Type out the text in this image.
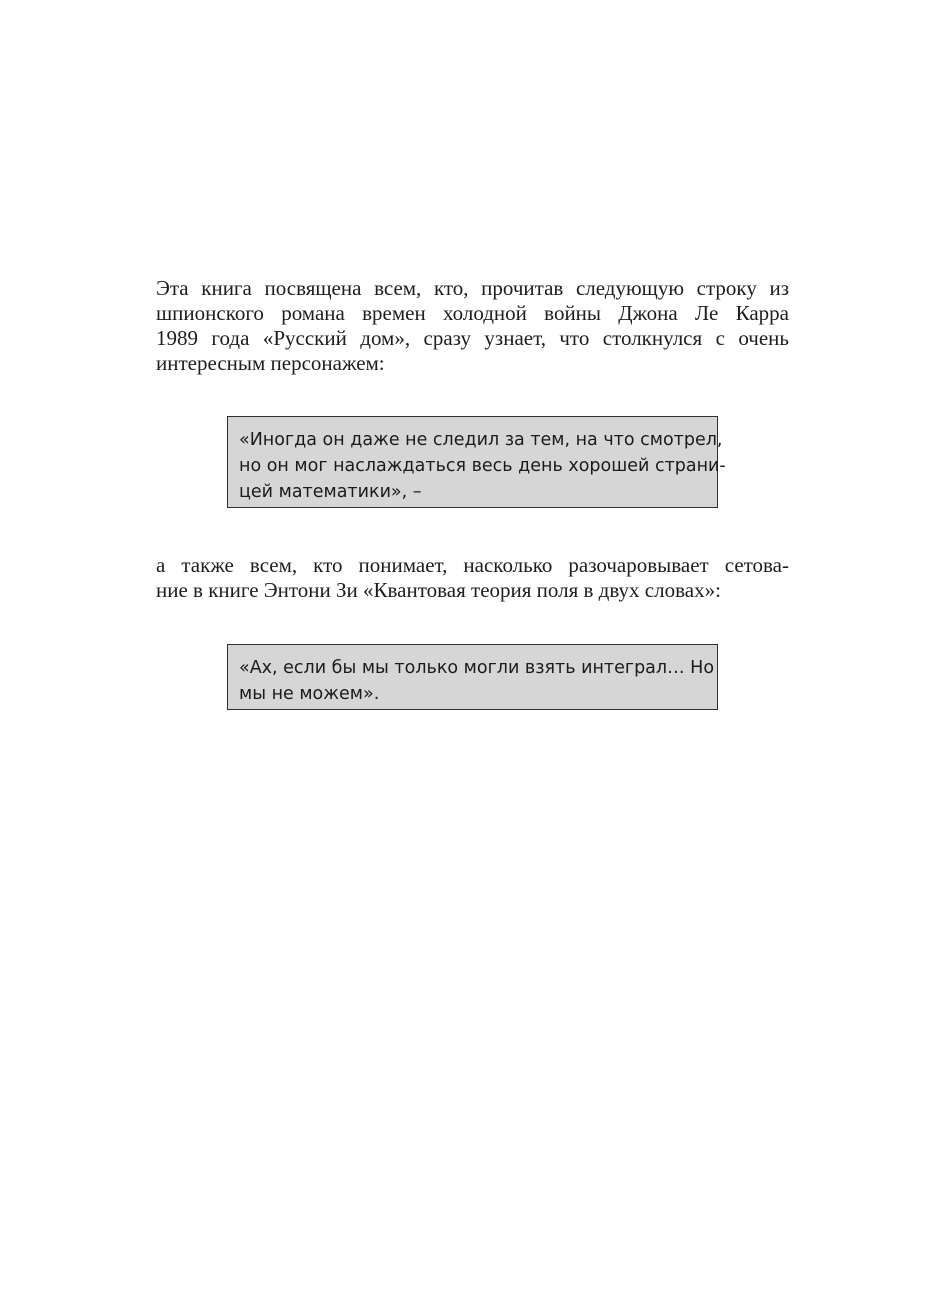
Эта книга посвящена всем, кто, прочитав следующую строку из
шпионского романа времен холодной войны Джона Ле Карра
1989 года «Русский дом», сразу узнает, что столкнулся с очень
интересным персонажем:

«Иногда он даже не следил за тем, на что смотрел,
но он мог наслаждаться весь день хорошей страни-
цей математики», –

а также всем, кто понимает, насколько разочаровывает сетова-
ние в книге Энтони Зи «Квантовая теория поля в двух словах»:

«Ах, если бы мы только могли взять интеграл… Но
мы не можем».
